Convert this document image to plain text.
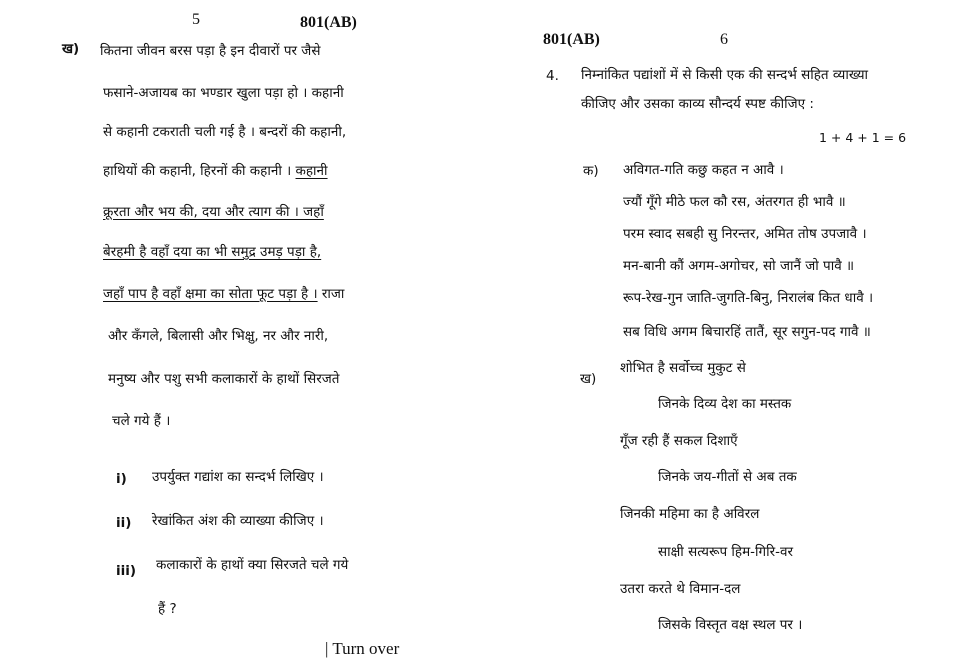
5	801(AB)
ख) कितना जीवन बरस पड़ा है इन दीवारों पर जैसे
फसाने-अजायब का भण्डार खुला पड़ा हो । कहानी
से कहानी टकराती चली गई है । बन्दरों की कहानी,
हाथियों की कहानी, हिरनों की कहानी । कहानी
क्रूरता और भय की, दया और त्याग की । जहाँ
बेरहमी है वहाँ दया का भी समुद्र उमड़ पड़ा है,
जहाँ पाप है वहाँ क्षमा का सोता फूट पड़ा है । राजा
और कँगले, बिलासी और भिक्षु, नर और नारी,
मनुष्य और पशु सभी कलाकारों के हाथों सिरजते
चले गये हैं ।
i) उपर्युक्त गद्यांश का सन्दर्भ लिखिए ।
ii) रेखांकित अंश की व्याख्या कीजिए ।
iii) कलाकारों के हाथों क्या सिरजते चले गये
हैं ?
| Turn over
801(AB)	6
4. निम्नांकित पद्यांशों में से किसी एक की सन्दर्भ सहित व्याख्या
कीजिए और उसका काव्य सौन्दर्य स्पष्ट कीजिए :
1 + 4 + 1 = 6
क) अविगत-गति कछु कहत न आवै ।
ज्यौं गूँगे मीठे फल कौ रस, अंतरगत ही भावै ॥
परम स्वाद सबही सु निरन्तर, अमित तोष उपजावै ।
मन-बानी कौं अगम-अगोचर, सो जानैं जो पावै ॥
रूप-रेख-गुन जाति-जुगति-बिनु, निरालंब कित धावै ।
सब विधि अगम बिचारहिं तातैं, सूर सगुन-पद गावै ॥
ख)
शोभित है सर्वोच्च मुकुट से
जिनके दिव्य देश का मस्तक
गूँज रही हैं सकल दिशाएँ
जिनके जय-गीतों से अब तक
जिनकी महिमा का है अविरल
साक्षी सत्यरूप हिम-गिरि-वर
उतरा करते थे विमान-दल
जिसके विस्तृत वक्ष स्थल पर ।
